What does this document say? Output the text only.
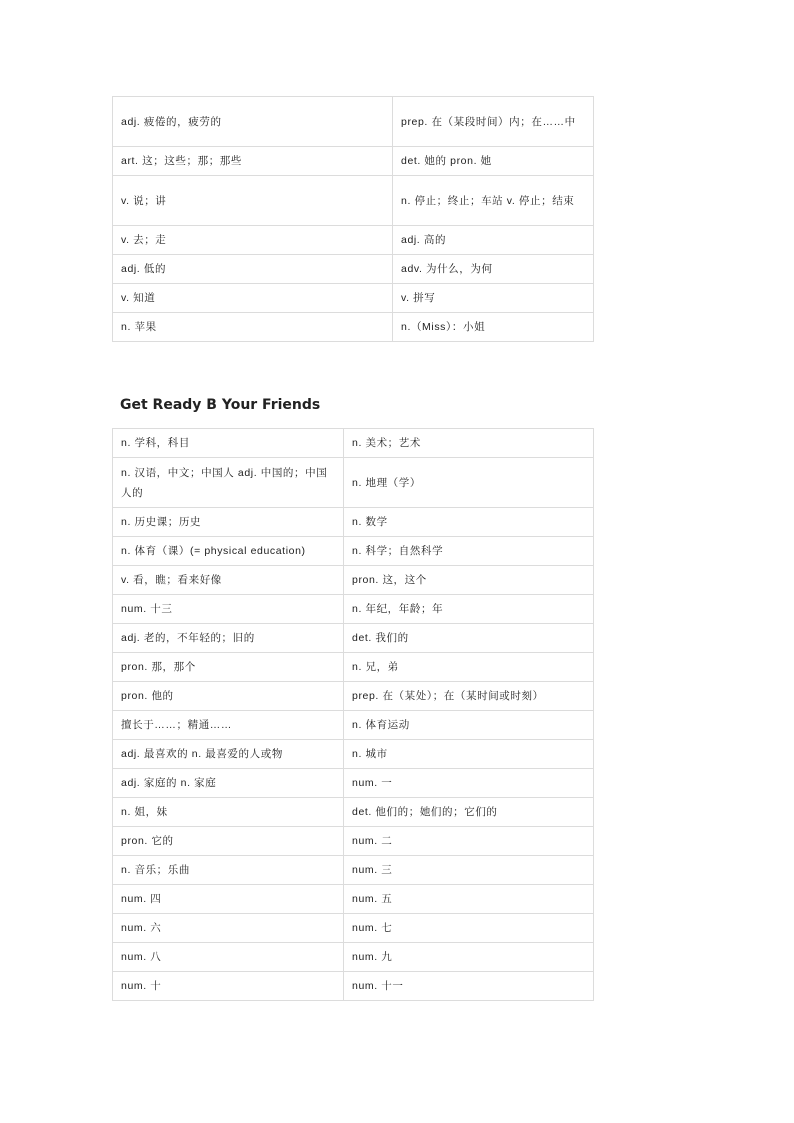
adj. 疲倦的，疲劳的	prep. 在（某段时间）内；在……中
art. 这；这些；那；那些	det. 她的 pron. 她
v. 说；讲	n. 停止；终止；车站 v. 停止；结束
v. 去；走	adj. 高的
adj. 低的	adv. 为什么，为何
v. 知道	v. 拼写
n. 苹果	n.（Miss）：小姐
Get Ready B Your Friends
n. 学科，科目	n. 美术；艺术
n. 汉语，中文；中国人 adj. 中国的；中国人的	n. 地理（学）
n. 历史课；历史	n. 数学
n. 体育（课）(= physical education)	n. 科学；自然科学
v. 看，瞧；看来好像	pron. 这，这个
num. 十三	n. 年纪，年龄；年
adj. 老的，不年轻的；旧的	det. 我们的
pron. 那，那个	n. 兄，弟
pron. 他的	prep. 在（某处）；在（某时间或时刻）
擅长于……；精通……	n. 体育运动
adj. 最喜欢的 n. 最喜爱的人或物	n. 城市
adj. 家庭的 n. 家庭	num. 一
n. 姐，妹	det. 他们的；她们的；它们的
pron. 它的	num. 二
n. 音乐；乐曲	num. 三
num. 四	num. 五
num. 六	num. 七
num. 八	num. 九
num. 十	num. 十一
